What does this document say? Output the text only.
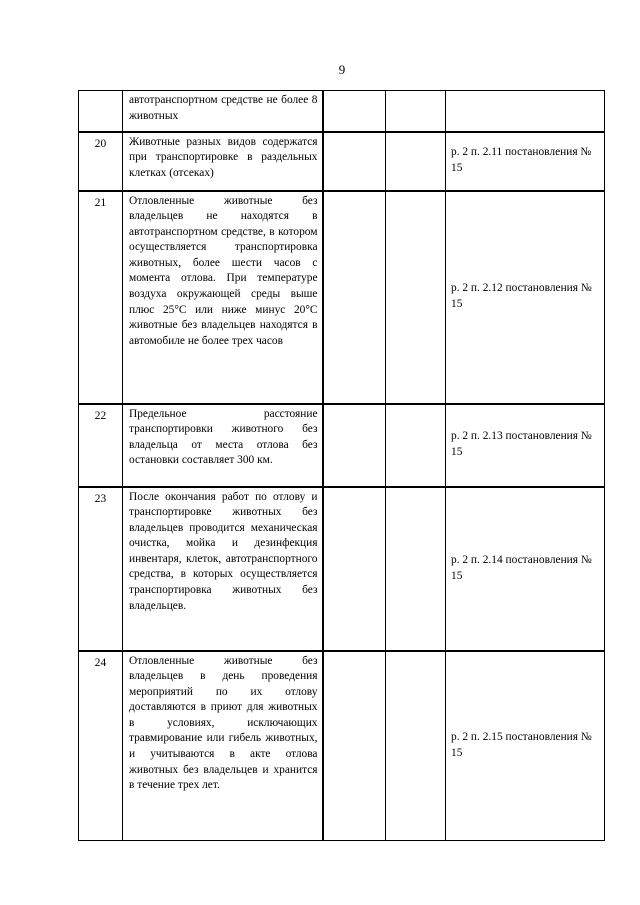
9

	автотранспортном средстве не более 8 животных			

20	Животные разных видов содержатся при транспортировке в раздельных клетках (отсеках)			р. 2 п. 2.11 постановления № 15

21	Отловленные животные без владельцев не находятся в автотранспортном средстве, в котором осуществляется транспортировка животных, более шести часов с момента отлова. При температуре воздуха окружающей среды выше плюс 25°С или ниже минус 20°С животные без владельцев находятся в автомобиле не более трех часов			р. 2 п. 2.12 постановления № 15

22	Предельное расстояние транспортировки животного без владельца от места отлова без остановки составляет 300 км.			р. 2 п. 2.13 постановления № 15

23	После окончания работ по отлову и транспортировке животных без владельцев проводится механическая очистка, мойка и дезинфекция инвентаря, клеток, автотранспортного средства, в которых осуществляется транспортировка животных без владельцев.			р. 2 п. 2.14 постановления № 15

24	Отловленные животные без владельцев в день проведения мероприятий по их отлову доставляются в приют для животных в условиях, исключающих травмирование или гибель животных, и учитываются в акте отлова животных без владельцев и хранится в течение трех лет.			р. 2 п. 2.15 постановления № 15
